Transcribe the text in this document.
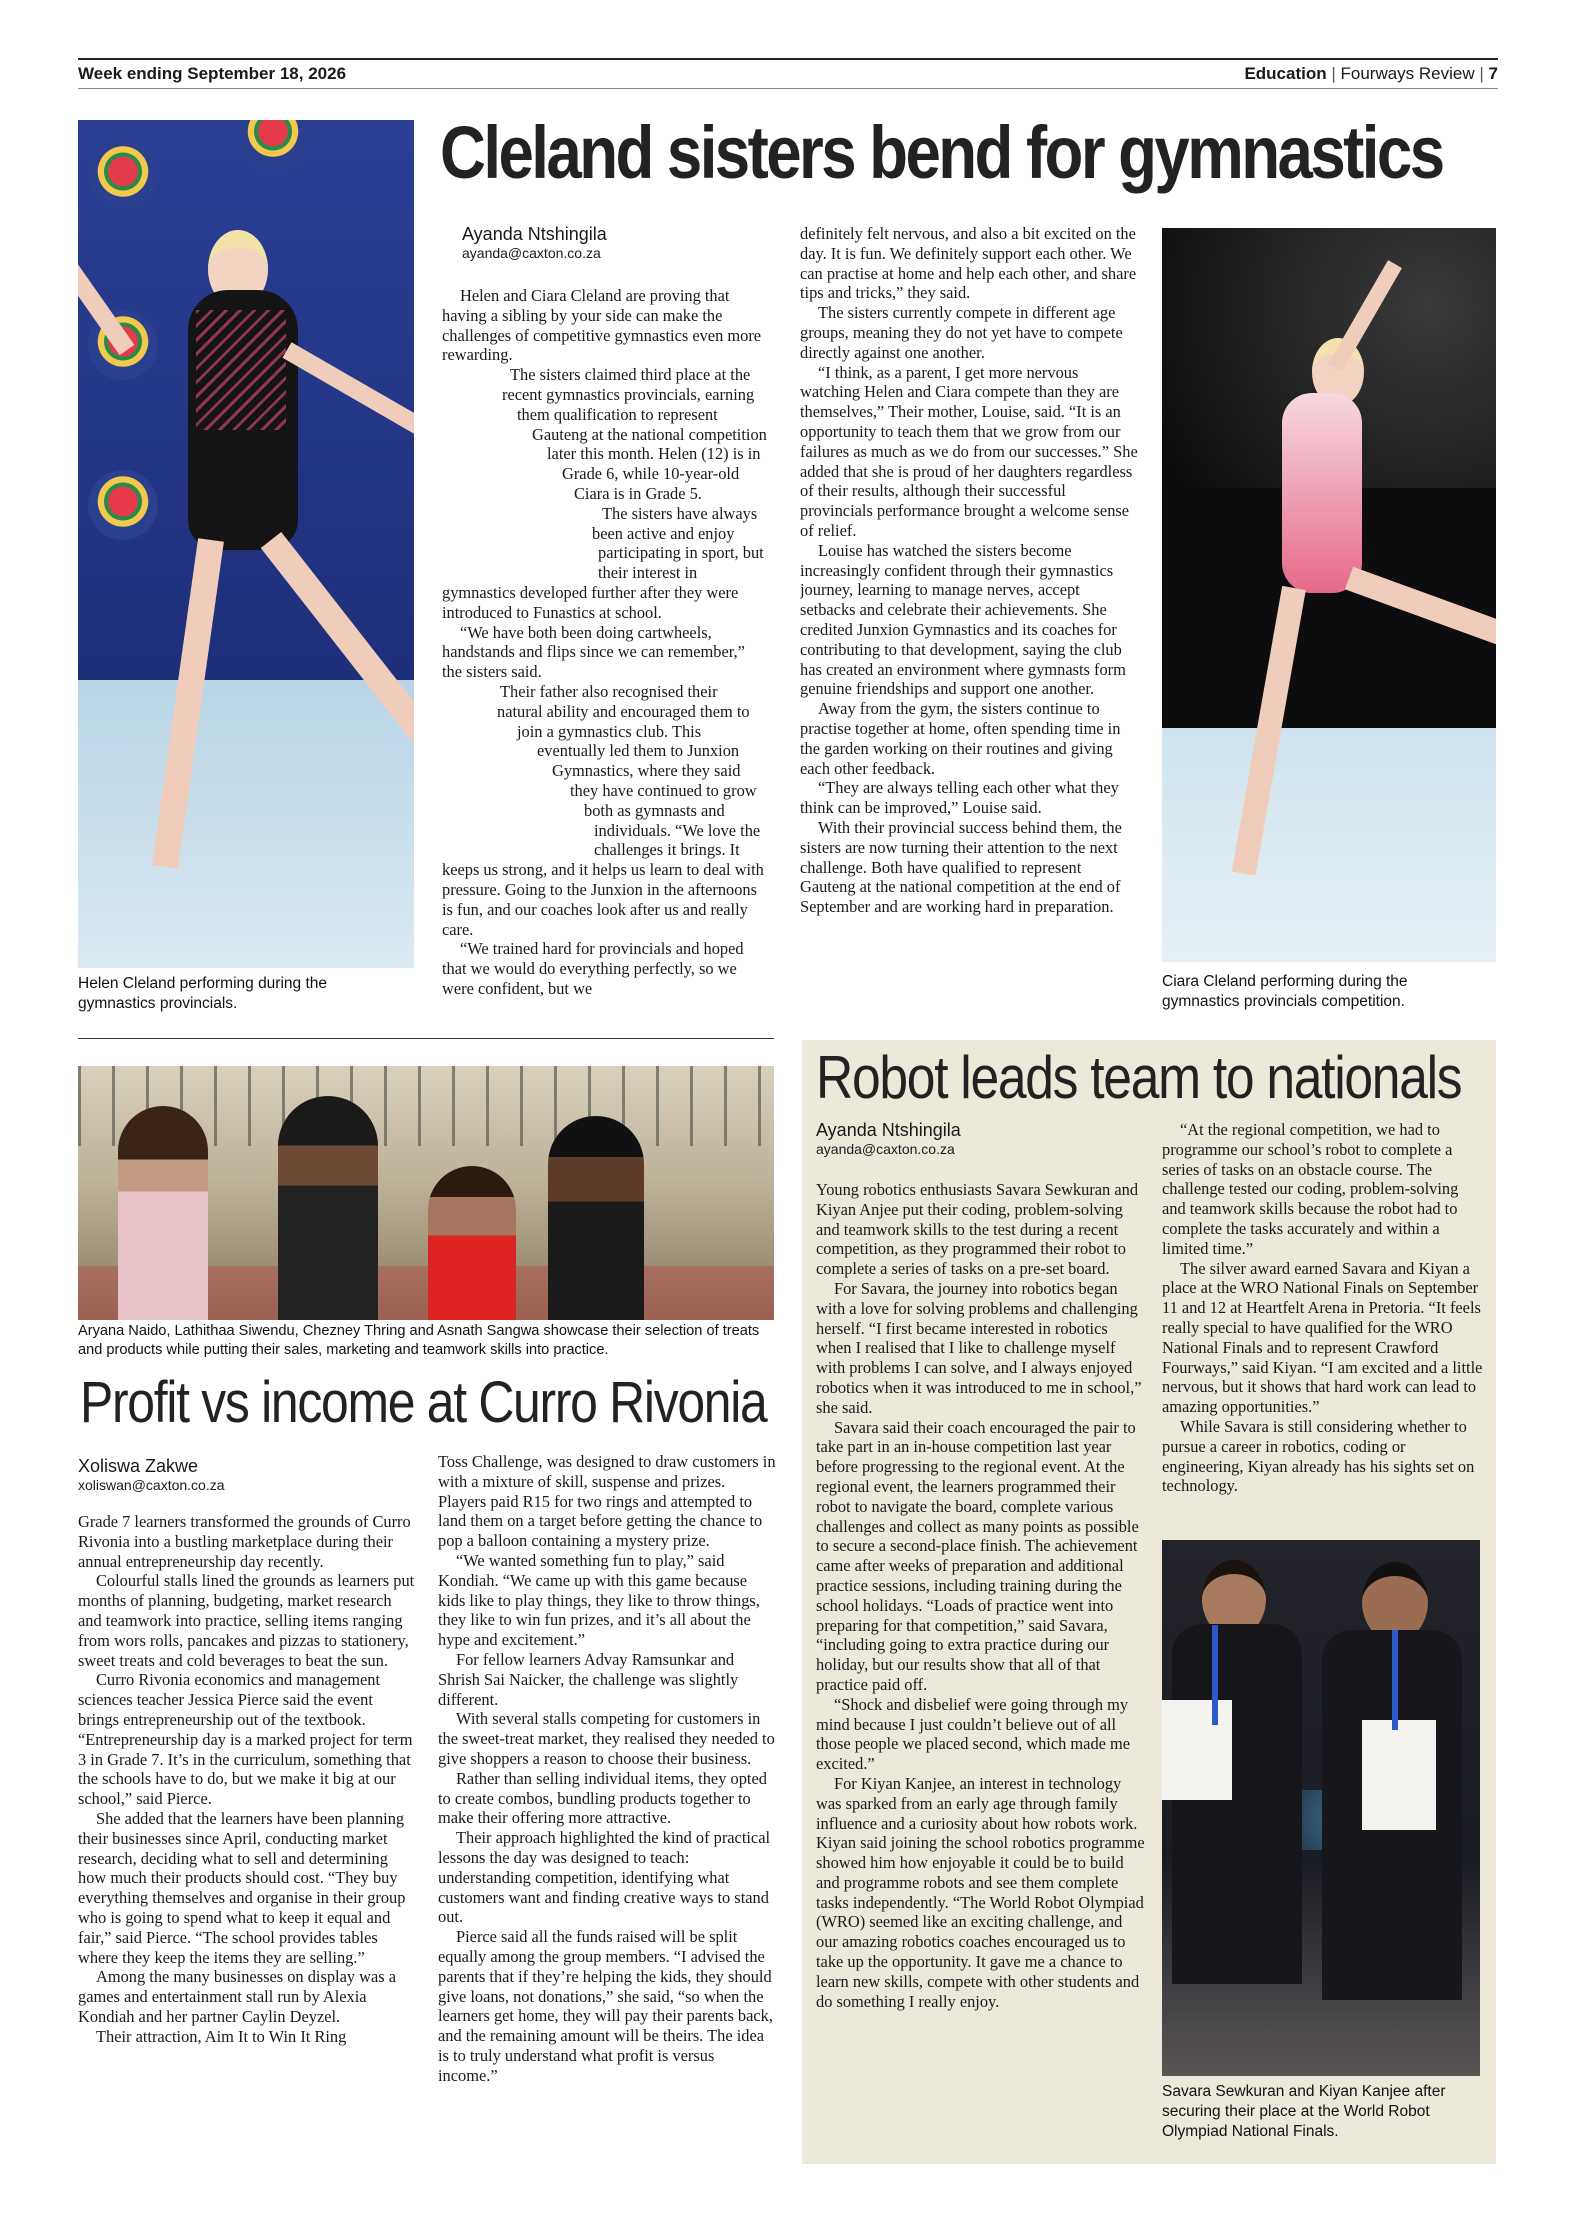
Week ending September 18, 2026	Education | Fourways Review | 7
Cleland sisters bend for gymnastics
Helen Cleland performing during the gymnastics provincials.
Ayanda Ntshingila
ayanda@caxton.co.za

Helen and Ciara Cleland are proving that having a sibling by your side can make the challenges of competitive gymnastics even more rewarding.

The sisters claimed third place at the recent gymnastics provincials, earning them qualification to represent Gauteng at the national competition later this month. Helen (12) is in Grade 6, while 10-year-old Ciara is in Grade 5.

The sisters have always been active and enjoy participating in sport, but their interest in gymnastics developed further after they were introduced to Funastics at school.

“We have both been doing cartwheels, handstands and flips since we can remember,” the sisters said.

Their father also recognised their natural ability and encouraged them to join a gymnastics club. This eventually led them to Junxion Gymnastics, where they said they have continued to grow both as gymnasts and individuals. “We love the challenges it brings. It keeps us strong, and it helps us learn to deal with pressure. Going to the Junxion in the afternoons is fun, and our coaches look after us and really care.

“We trained hard for provincials and hoped that we would do everything perfectly, so we were confident, but we

definitely felt nervous, and also a bit excited on the day. It is fun. We definitely support each other. We can practise at home and help each other, and share tips and tricks,” they said.

The sisters currently compete in different age groups, meaning they do not yet have to compete directly against one another.

“I think, as a parent, I get more nervous watching Helen and Ciara compete than they are themselves,” Their mother, Louise, said. “It is an opportunity to teach them that we grow from our failures as much as we do from our successes.” She added that she is proud of her daughters regardless of their results, although their successful provincials performance brought a welcome sense of relief.

Louise has watched the sisters become increasingly confident through their gymnastics journey, learning to manage nerves, accept setbacks and celebrate their achievements. She credited Junxion Gymnastics and its coaches for contributing to that development, saying the club has created an environment where gymnasts form genuine friendships and support one another.

Away from the gym, the sisters continue to practise together at home, often spending time in the garden working on their routines and giving each other feedback.

“They are always telling each other what they think can be improved,” Louise said.

With their provincial success behind them, the sisters are now turning their attention to the next challenge. Both have qualified to represent Gauteng at the national competition at the end of September and are working hard in preparation.

Ciara Cleland performing during the gymnastics provincials competition.
Aryana Naido, Lathithaa Siwendu, Chezney Thring and Asnath Sangwa showcase their selection of treats and products while putting their sales, marketing and teamwork skills into practice.
Profit vs income at Curro Rivonia
Xoliswa Zakwe
xoliswan@caxton.co.za

Grade 7 learners transformed the grounds of Curro Rivonia into a bustling marketplace during their annual entrepreneurship day recently.

Colourful stalls lined the grounds as learners put months of planning, budgeting, market research and teamwork into practice, selling items ranging from wors rolls, pancakes and pizzas to stationery, sweet treats and cold beverages to beat the sun.

Curro Rivonia economics and management sciences teacher Jessica Pierce said the event brings entrepreneurship out of the textbook. “Entrepreneurship day is a marked project for term 3 in Grade 7. It’s in the curriculum, something that the schools have to do, but we make it big at our school,” said Pierce.

She added that the learners have been planning their businesses since April, conducting market research, deciding what to sell and determining how much their products should cost. “They buy everything themselves and organise in their group who is going to spend what to keep it equal and fair,” said Pierce. “The school provides tables where they keep the items they are selling.”

Among the many businesses on display was a games and entertainment stall run by Alexia Kondiah and her partner Caylin Deyzel.

Their attraction, Aim It to Win It Ring

Toss Challenge, was designed to draw customers in with a mixture of skill, suspense and prizes. Players paid R15 for two rings and attempted to land them on a target before getting the chance to pop a balloon containing a mystery prize.

“We wanted something fun to play,” said Kondiah. “We came up with this game because kids like to play things, they like to throw things, they like to win fun prizes, and it’s all about the hype and excitement.”

For fellow learners Advay Ramsunkar and Shrish Sai Naicker, the challenge was slightly different.

With several stalls competing for customers in the sweet-treat market, they realised they needed to give shoppers a reason to choose their business.

Rather than selling individual items, they opted to create combos, bundling products together to make their offering more attractive.

Their approach highlighted the kind of practical lessons the day was designed to teach: understanding competition, identifying what customers want and finding creative ways to stand out.

Pierce said all the funds raised will be split equally among the group members. “I advised the parents that if they’re helping the kids, they should give loans, not donations,” she said, “so when the learners get home, they will pay their parents back, and the remaining amount will be theirs. The idea is to truly understand what profit is versus income.”

Robot leads team to nationals
Ayanda Ntshingila
ayanda@caxton.co.za

Young robotics enthusiasts Savara Sewkuran and Kiyan Anjee put their coding, problem-solving and teamwork skills to the test during a recent competition, as they programmed their robot to complete a series of tasks on a pre-set board.

For Savara, the journey into robotics began with a love for solving problems and challenging herself. “I first became interested in robotics when I realised that I like to challenge myself with problems I can solve, and I always enjoyed robotics when it was introduced to me in school,” she said.

Savara said their coach encouraged the pair to take part in an in-house competition last year before progressing to the regional event. At the regional event, the learners programmed their robot to navigate the board, complete various challenges and collect as many points as possible to secure a second-place finish. The achievement came after weeks of preparation and additional practice sessions, including training during the school holidays. “Loads of practice went into preparing for that competition,” said Savara, “including going to extra practice during our holiday, but our results show that all of that practice paid off.

“Shock and disbelief were going through my mind because I just couldn’t believe out of all those people we placed second, which made me excited.”

For Kiyan Kanjee, an interest in technology was sparked from an early age through family influence and a curiosity about how robots work. Kiyan said joining the school robotics programme showed him how enjoyable it could be to build and programme robots and see them complete tasks independently. “The World Robot Olympiad (WRO) seemed like an exciting challenge, and our amazing robotics coaches encouraged us to take up the opportunity. It gave me a chance to learn new skills, compete with other students and do something I really enjoy.

“At the regional competition, we had to programme our school’s robot to complete a series of tasks on an obstacle course. The challenge tested our coding, problem-solving and teamwork skills because the robot had to complete the tasks accurately and within a limited time.”

The silver award earned Savara and Kiyan a place at the WRO National Finals on September 11 and 12 at Heartfelt Arena in Pretoria. “It feels really special to have qualified for the WRO National Finals and to represent Crawford Fourways,” said Kiyan. “I am excited and a little nervous, but it shows that hard work can lead to amazing opportunities.”

While Savara is still considering whether to pursue a career in robotics, coding or engineering, Kiyan already has his sights set on technology.

Savara Sewkuran and Kiyan Kanjee after securing their place at the World Robot Olympiad National Finals.
